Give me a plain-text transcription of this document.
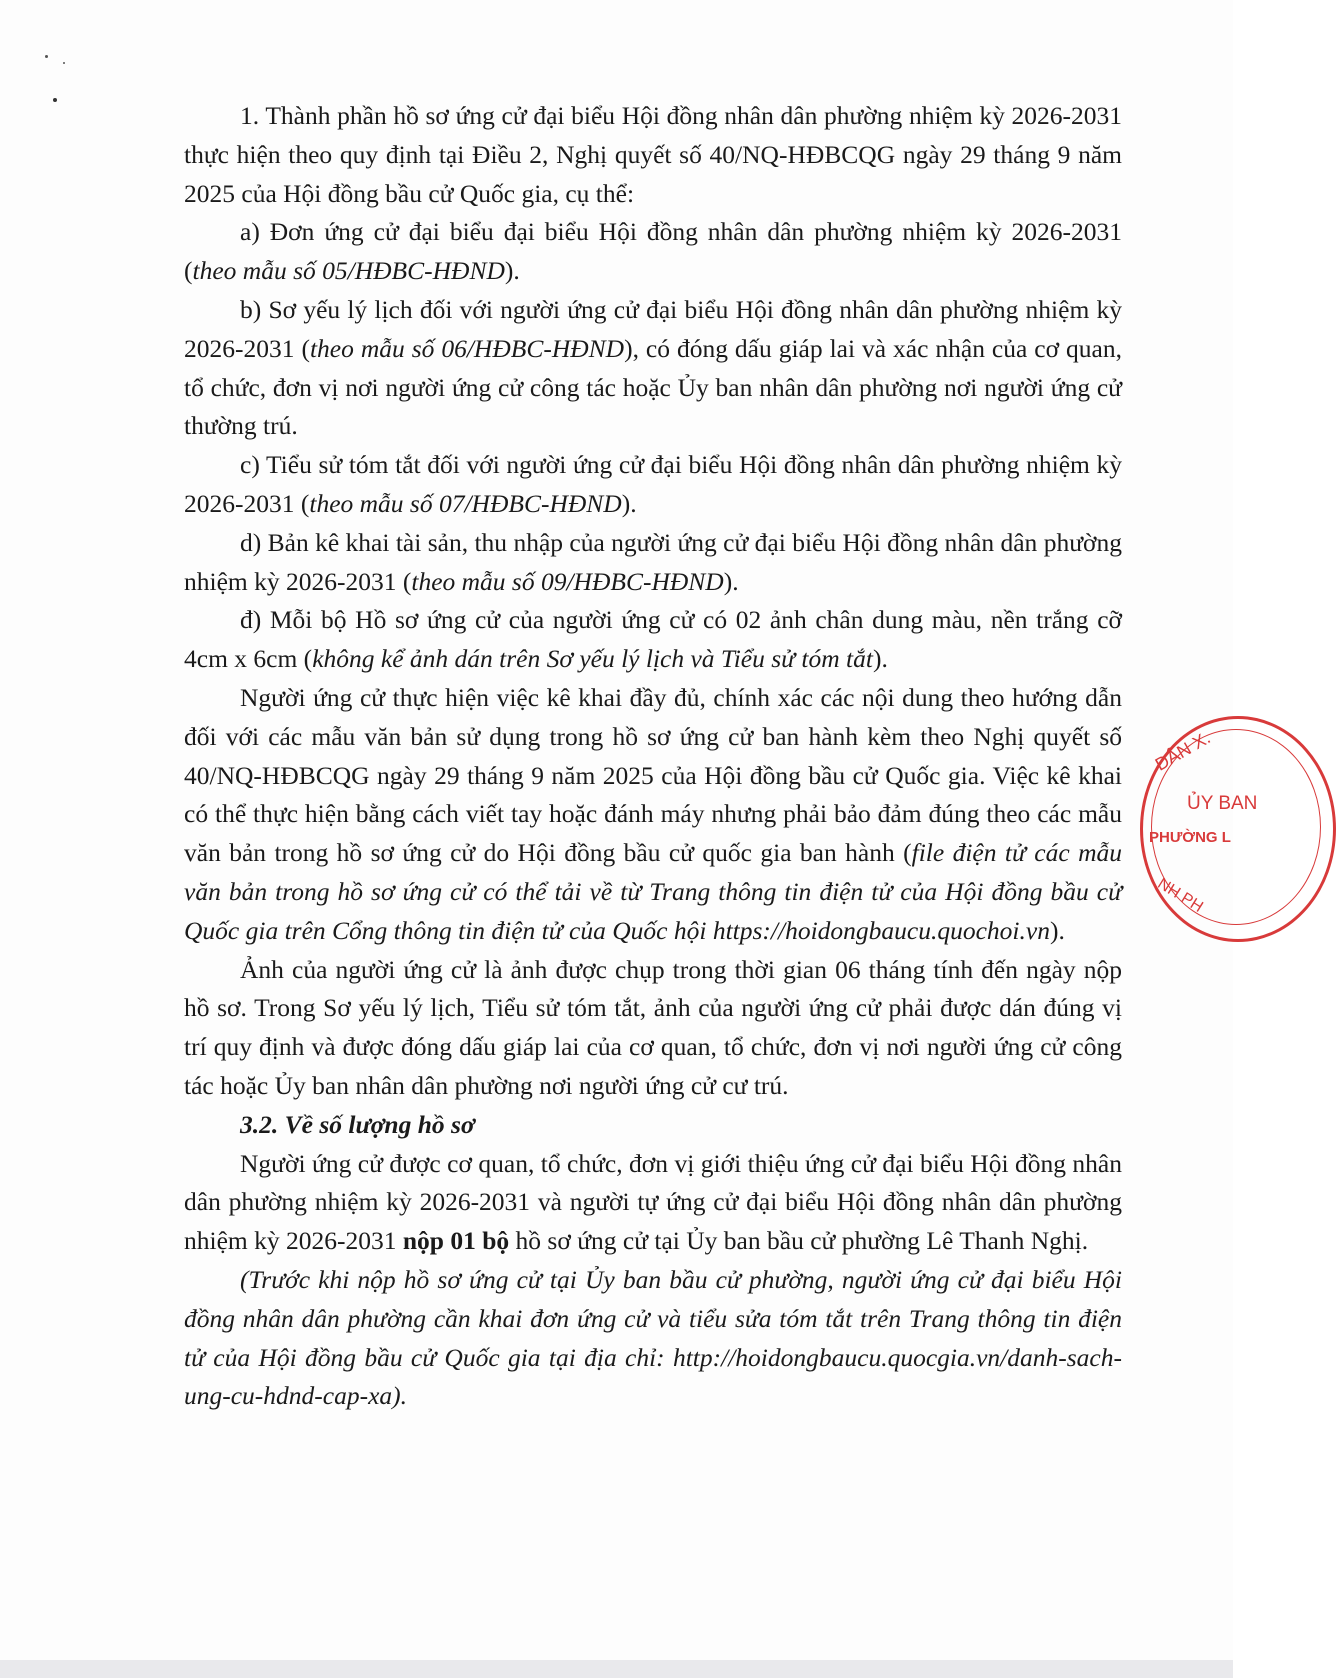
1. Thành phần hồ sơ ứng cử đại biểu Hội đồng nhân dân phường nhiệm kỳ 2026-2031 thực hiện theo quy định tại Điều 2, Nghị quyết số 40/NQ-HĐBCQG ngày 29 tháng 9 năm 2025 của Hội đồng bầu cử Quốc gia, cụ thể:

a) Đơn ứng cử đại biểu đại biểu Hội đồng nhân dân phường nhiệm kỳ 2026-2031 (theo mẫu số 05/HĐBC-HĐND).

b) Sơ yếu lý lịch đối với người ứng cử đại biểu Hội đồng nhân dân phường nhiệm kỳ 2026-2031 (theo mẫu số 06/HĐBC-HĐND), có đóng dấu giáp lai và xác nhận của cơ quan, tổ chức, đơn vị nơi người ứng cử công tác hoặc Ủy ban nhân dân phường nơi người ứng cử thường trú.

c) Tiểu sử tóm tắt đối với người ứng cử đại biểu Hội đồng nhân dân phường nhiệm kỳ 2026-2031 (theo mẫu số 07/HĐBC-HĐND).

d) Bản kê khai tài sản, thu nhập của người ứng cử đại biểu Hội đồng nhân dân phường nhiệm kỳ 2026-2031 (theo mẫu số 09/HĐBC-HĐND).

đ) Mỗi bộ Hồ sơ ứng cử của người ứng cử có 02 ảnh chân dung màu, nền trắng cỡ 4cm x 6cm (không kể ảnh dán trên Sơ yếu lý lịch và Tiểu sử tóm tắt).

Người ứng cử thực hiện việc kê khai đầy đủ, chính xác các nội dung theo hướng dẫn đối với các mẫu văn bản sử dụng trong hồ sơ ứng cử ban hành kèm theo Nghị quyết số 40/NQ-HĐBCQG ngày 29 tháng 9 năm 2025 của Hội đồng bầu cử Quốc gia. Việc kê khai có thể thực hiện bằng cách viết tay hoặc đánh máy nhưng phải bảo đảm đúng theo các mẫu văn bản trong hồ sơ ứng cử do Hội đồng bầu cử quốc gia ban hành (file điện tử các mẫu văn bản trong hồ sơ ứng cử có thể tải về từ Trang thông tin điện tử của Hội đồng bầu cử Quốc gia trên Cổng thông tin điện tử của Quốc hội https://hoidongbaucu.quochoi.vn).

Ảnh của người ứng cử là ảnh được chụp trong thời gian 06 tháng tính đến ngày nộp hồ sơ. Trong Sơ yếu lý lịch, Tiểu sử tóm tắt, ảnh của người ứng cử phải được dán đúng vị trí quy định và được đóng dấu giáp lai của cơ quan, tổ chức, đơn vị nơi người ứng cử công tác hoặc Ủy ban nhân dân phường nơi người ứng cử cư trú.

3.2. Về số lượng hồ sơ

Người ứng cử được cơ quan, tổ chức, đơn vị giới thiệu ứng cử đại biểu Hội đồng nhân dân phường nhiệm kỳ 2026-2031 và người tự ứng cử đại biểu Hội đồng nhân dân phường nhiệm kỳ 2026-2031 nộp 01 bộ hồ sơ ứng cử tại Ủy ban bầu cử phường Lê Thanh Nghị.

(Trước khi nộp hồ sơ ứng cử tại Ủy ban bầu cử phường, người ứng cử đại biểu Hội đồng nhân dân phường cần khai đơn ứng cử và tiểu sửa tóm tắt trên Trang thông tin điện tử của Hội đồng bầu cử Quốc gia tại địa chỉ: http://hoidongbaucu.quocgia.vn/danh-sach-ung-cu-hdnd-cap-xa).

DÂN X.
ỦY BAN
PHƯỜNG L
NH PH
